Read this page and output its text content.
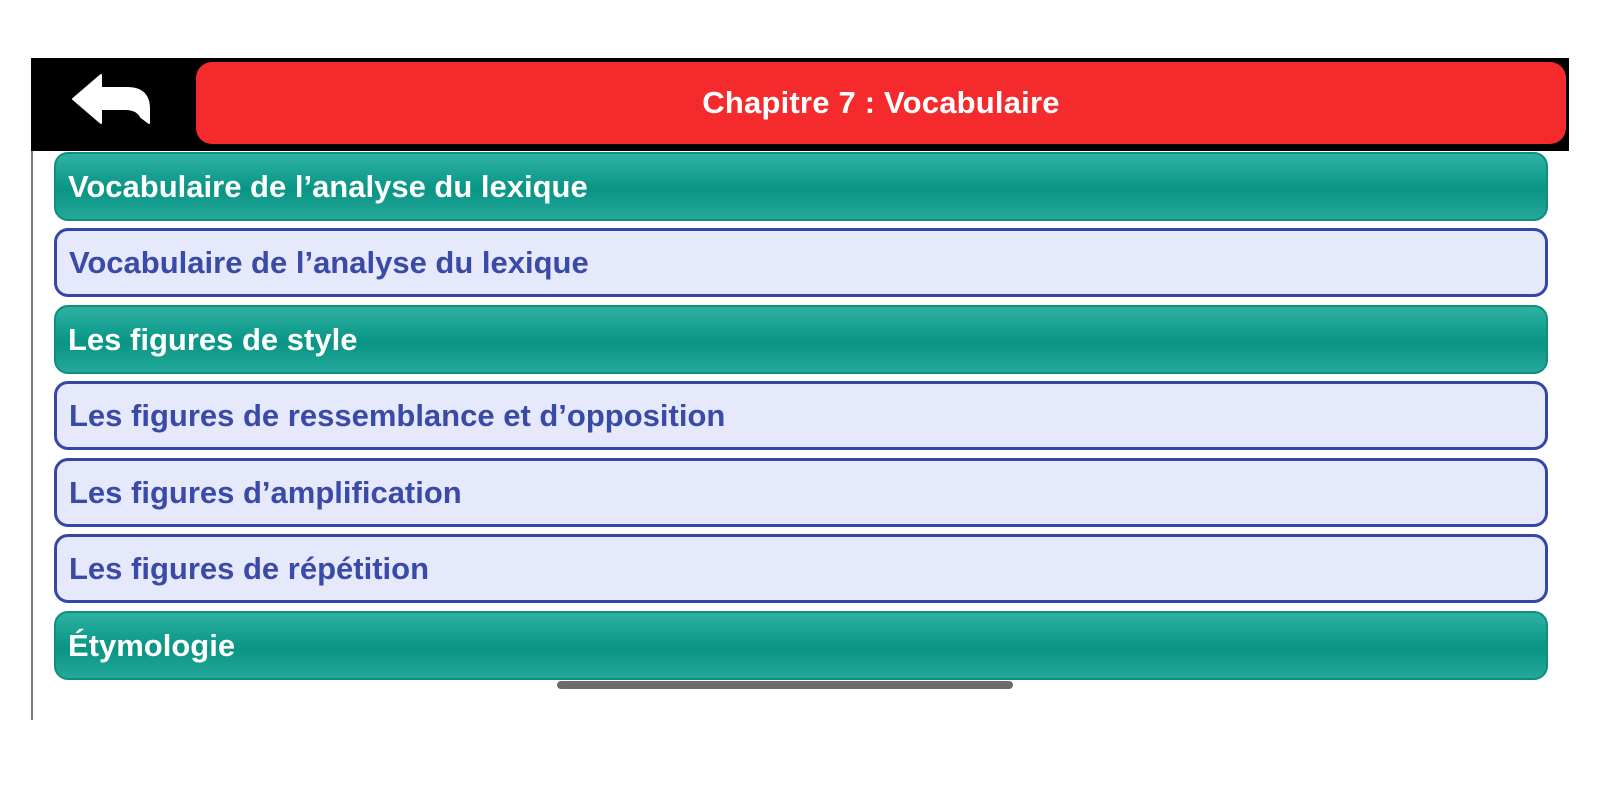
Chapitre 7 : Vocabulaire
Vocabulaire de l’analyse du lexique
Vocabulaire de l’analyse du lexique
Les figures de style
Les figures de ressemblance et d’opposition
Les figures d’amplification
Les figures de répétition
Étymologie
